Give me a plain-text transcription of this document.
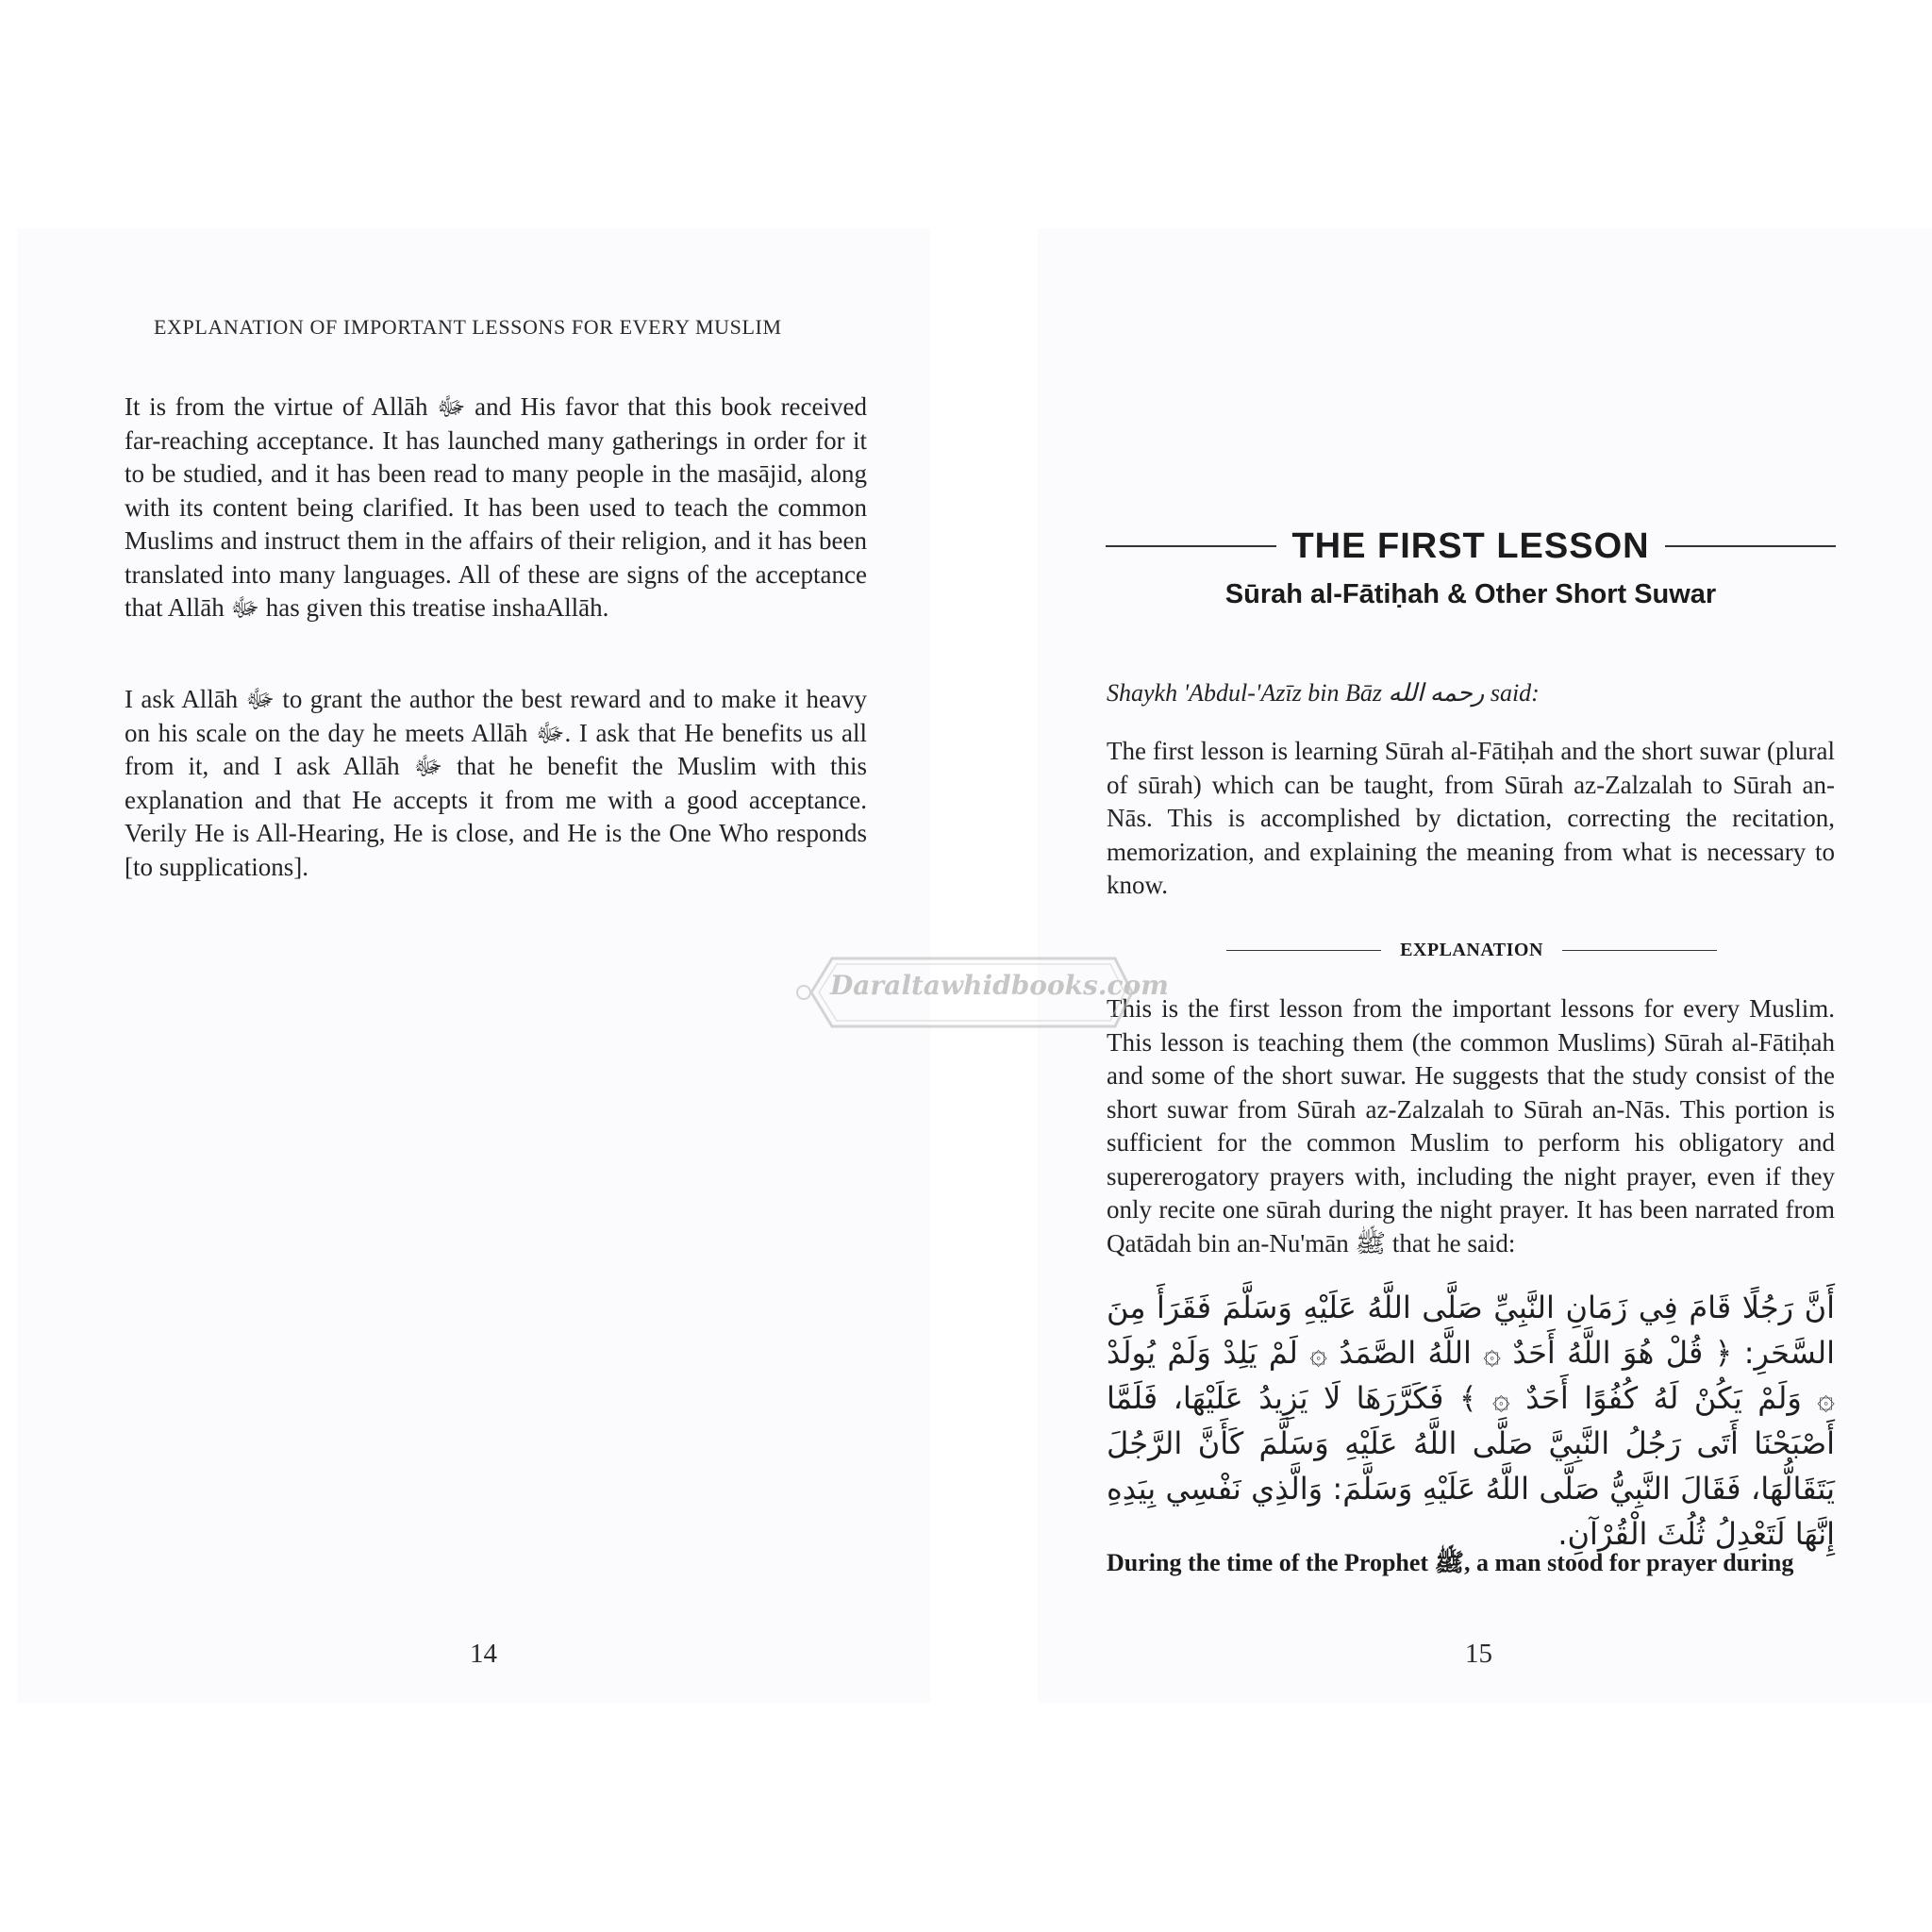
EXPLANATION OF IMPORTANT LESSONS FOR EVERY MUSLIM

It is from the virtue of Allāh ﷻ and His favor that this book received far-reaching acceptance. It has launched many gatherings in order for it to be studied, and it has been read to many people in the masājid, along with its content being clarified. It has been used to teach the common Muslims and instruct them in the affairs of their religion, and it has been translated into many languages. All of these are signs of the acceptance that Allāh ﷻ has given this treatise inshaAllāh.

I ask Allāh ﷻ to grant the author the best reward and to make it heavy on his scale on the day he meets Allāh ﷻ. I ask that He benefits us all from it, and I ask Allāh ﷻ that he benefit the Muslim with this explanation and that He accepts it from me with a good acceptance. Verily He is All-Hearing, He is close, and He is the One Who responds [to supplications].

14
THE FIRST LESSON
Sūrah al-Fātiḥah & Other Short Suwar
Shaykh 'Abdul-'Azīz bin Bāz رحمه الله said:

The first lesson is learning Sūrah al-Fātiḥah and the short suwar (plural of sūrah) which can be taught, from Sūrah az-Zalzalah to Sūrah an-Nās. This is accomplished by dictation, correcting the recitation, memorization, and explaining the meaning from what is necessary to know.

EXPLANATION

This is the first lesson from the important lessons for every Muslim. This lesson is teaching them (the common Muslims) Sūrah al-Fātiḥah and some of the short suwar. He suggests that the study consist of the short suwar from Sūrah az-Zalzalah to Sūrah an-Nās. This portion is sufficient for the common Muslim to perform his obligatory and supererogatory prayers with, including the night prayer, even if they only recite one sūrah during the night prayer. It has been narrated from Qatādah bin an-Nu'mān ﷺ that he said:

أَنَّ رَجُلًا قَامَ فِي زَمَانِ النَّبِيِّ صَلَّى اللَّهُ عَلَيْهِ وَسَلَّمَ فَقَرَأَ مِنَ السَّحَرِ: ﴿ قُلْ هُوَ اللَّهُ أَحَدٌ ۞ اللَّهُ الصَّمَدُ ۞ لَمْ يَلِدْ وَلَمْ يُولَدْ ۞ وَلَمْ يَكُنْ لَهُ كُفُوًا أَحَدٌ ۞ ﴾ فَكَرَّرَهَا لَا يَزِيدُ عَلَيْهَا، فَلَمَّا أَصْبَحْنَا أَتَى رَجُلُ النَّبِيَّ صَلَّى اللَّهُ عَلَيْهِ وَسَلَّمَ كَأَنَّ الرَّجُلَ يَتَقَالُّهَا، فَقَالَ النَّبِيُّ صَلَّى اللَّهُ عَلَيْهِ وَسَلَّمَ: وَالَّذِي نَفْسِي بِيَدِهِ إِنَّهَا لَتَعْدِلُ ثُلُثَ الْقُرْآنِ.
During the time of the Prophet ﷺ, a man stood for prayer during
15
Daraltawhidbooks.com
